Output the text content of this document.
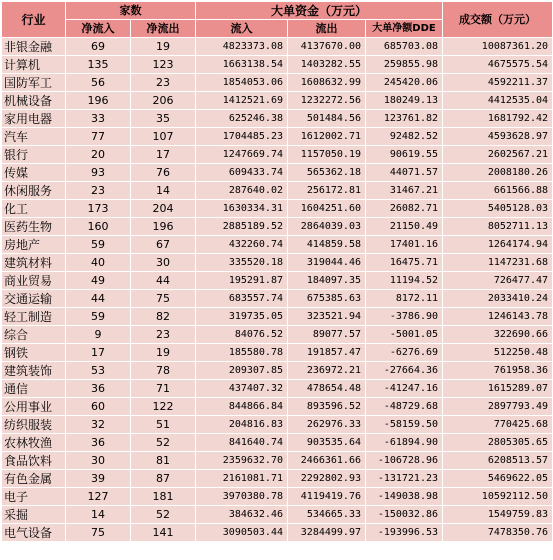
行业	家数		大单资金（万元）			成交额（万元）
	净流入	净流出	流入	流出	大单净额DDE	
非银金融	69	19	4823373.08	4137670.00	685703.08	10087361.20
计算机	135	123	1663138.54	1403282.55	259855.98	4675575.54
国防军工	56	23	1854053.06	1608632.99	245420.06	4592211.37
机械设备	196	206	1412521.69	1232272.56	180249.13	4412535.04
家用电器	33	35	625246.38	501484.56	123761.82	1681792.42
汽车	77	107	1704485.23	1612002.71	92482.52	4593628.97
银行	20	17	1247669.74	1157050.19	90619.55	2602567.21
传媒	93	76	609433.74	565362.18	44071.57	2008180.26
休闲服务	23	14	287640.02	256172.81	31467.21	661566.88
化工	173	204	1630334.31	1604251.60	26082.71	5405128.03
医药生物	160	196	2885189.52	2864039.03	21150.49	8052711.13
房地产	59	67	432260.74	414859.58	17401.16	1264174.94
建筑材料	40	30	335520.18	319044.46	16475.71	1147231.68
商业贸易	49	44	195291.87	184097.35	11194.52	726477.47
交通运输	44	75	683557.74	675385.63	8172.11	2033410.24
轻工制造	59	82	319735.05	323521.94	-3786.90	1246143.78
综合	9	23	84076.52	89077.57	-5001.05	322690.66
钢铁	17	19	185580.78	191857.47	-6276.69	512250.48
建筑装饰	53	78	209307.85	236972.21	-27664.36	761958.36
通信	36	71	437407.32	478654.48	-41247.16	1615289.07
公用事业	60	122	844866.84	893596.52	-48729.68	2897793.49
纺织服装	32	51	204816.83	262976.33	-58159.50	770425.68
农林牧渔	36	52	841640.74	903535.64	-61894.90	2805305.65
食品饮料	30	81	2359632.70	2466361.66	-106728.96	6208513.57
有色金属	39	87	2161081.71	2292802.93	-131721.23	5469622.05
电子	127	181	3970380.78	4119419.76	-149038.98	10592112.50
采掘	14	52	384632.46	534665.33	-150032.86	1549759.83
电气设备	75	141	3090503.44	3284499.97	-193996.53	7478350.76
